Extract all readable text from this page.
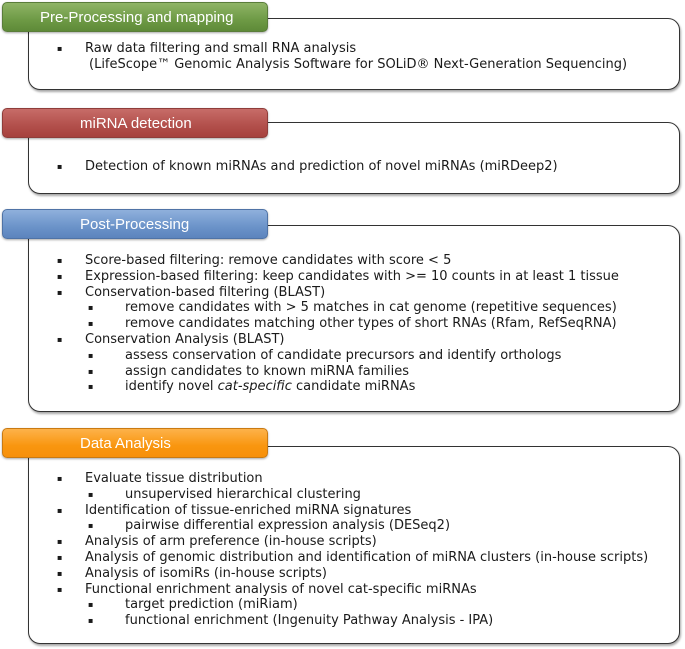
▪ Raw data filtering and small RNA analysis
(LifeScope™ Genomic Analysis Software for SOLiD® Next-Generation Sequencing)
Pre-Processing and mapping
▪ Detection of known miRNAs and prediction of novel miRNAs (miRDeep2)
miRNA detection
▪ Score-based filtering: remove candidates with score < 5
▪ Expression-based filtering: keep candidates with >= 10 counts in at least 1 tissue
▪ Conservation-based filtering (BLAST)
▪ remove candidates with > 5 matches in cat genome (repetitive sequences)
▪ remove candidates matching other types of short RNAs (Rfam, RefSeqRNA)
▪ Conservation Analysis (BLAST)
▪ assess conservation of candidate precursors and identify orthologs
▪ assign candidates to known miRNA families
▪ identify novel cat-specific candidate miRNAs
Post-Processing
▪ Evaluate tissue distribution
▪ unsupervised hierarchical clustering
▪ Identification of tissue-enriched miRNA signatures
▪ pairwise differential expression analysis (DESeq2)
▪ Analysis of arm preference (in-house scripts)
▪ Analysis of genomic distribution and identification of miRNA clusters (in-house scripts)
▪ Analysis of isomiRs (in-house scripts)
▪ Functional enrichment analysis of novel cat-specific miRNAs
▪ target prediction (miRiam)
▪ functional enrichment (Ingenuity Pathway Analysis - IPA)
Data Analysis
